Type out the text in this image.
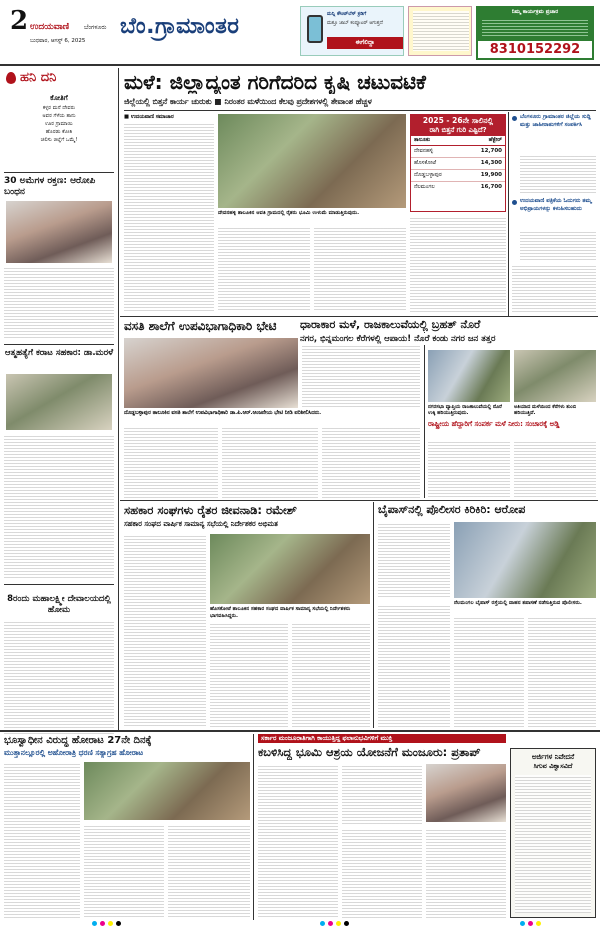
2 ಉದಯವಾಣಿ ಬೆಂಗಳೂರು
ಬುಧವಾರ, ಆಗಸ್ಟ್ 6, 2025
ಬೆಂ.ಗ್ರಾಮಾಂತರ	ಮನ್ನಿ ಕೌಂಟ್‌ಲೆಸ್ ಕ್ರಡಿಗೆ
ಮತ್ತೂ ಜಾಬ್ ಕಂಪ್ಯೂಟರ್ ಆಗುತ್ತದೆ
ಈಗೆಲಿದ್ದಾ
ನಿಮ್ಮ ಕಾರ್ಯಕ್ರಮ ಪ್ರಚಾರ
8310152292
ಹನಿ ದನಿ
ಕೋತಿಗೆ
ಕಳ್ಳರ ಮನೆ ದೇವರು
ಅವರ ಗೆಳೆಯ ತಾನು
ಊರ ಗ್ರಾಮಾಯಿ
ಹೊರಡು ಕೋತಿ
ಚಲಿಸು ಜಿಲ್ಲೆಗೆ ಒಮ್ಮೆ!
30 ಅಮೆಗಳ ರಕ್ತಣ: ಆರೋಪಿ ಬಂಧನ
ಆತ್ಮಹತ್ಯೆಗೆ ಕರಾಟ ಸಹಕಾರ: ಡಾ.ಮರಳೆ
8ರಂದು ಮಹಾಲಕ್ಷ್ಮೀ ದೇವಾಲಯದಲ್ಲಿ ಹೋಮ
ಮಳೆ: ಜಿಲ್ಲಾದ್ಯಂತ ಗರಿಗೆದರಿದ ಕೃಷಿ ಚಟುವಟಿಕೆ
ಜಿಲ್ಲೆಯಲ್ಲಿ ಬಿತ್ತನೆ ಕಾರ್ಯ ಚುರುಕು ■ ನಿರಂತರ ಮಳೆಯಿಂದ ಕೆಲವು ಪ್ರದೇಶಗಳಲ್ಲಿ ತೇವಾಂಶ ಹೆಚ್ಚಳ
■ ಉದಯವಾಣಿ ಸಮಾಚಾರ
ದೇವನಹಳ್ಳಿ ತಾಲೂಕಿನ ಆವತಿ ಗ್ರಾಮದಲ್ಲಿ ರೈತರು ಭೂಮಿ ಉಳುಮೆ ಮಾಡುತ್ತಿರುವುದು.
2025 - 26ನೇ ಸಾಲಿನಲ್ಲಿ
ರಾಗಿ ಬಿತ್ತನೆ ಗುರಿ ಎಷ್ಟಿದೆ?
ತಾಲೂಕು	ಹೆಕ್ಟೇರ್
ದೇವನಹಳ್ಳಿ	12,700
ಹೊಸಕೋಟೆ	14,300
ದೊಡ್ಡಬಳ್ಳಾಪುರ	19,900
ನೆಲಮಂಗಲ	16,700
ಬೆಂಗಳೂರು ಗ್ರಾಮಾಂತರ ಜಿಲ್ಲೆಯ ಸುದ್ದಿ ಮತ್ತು ಜಾಹೀರಾತುಗಳಿಗೆ ಸಂಪರ್ಕಿಸಿ
ಉದಯವಾಣಿ ಪತ್ರಿಕೆಯ ಓದುಗರು ತಮ್ಮ ಅಭಿಪ್ರಾಯಗಳನ್ನು ಕಳುಹಿಸಬಹುದು
ವಸತಿ ಶಾಲೆಗೆ ಉಪವಿಭಾಗಾಧಿಕಾರಿ ಭೇಟಿ
ದೊಡ್ಡಬಳ್ಳಾಪುರ ತಾಲೂಕಿನ ವಸತಿ ಶಾಲೆಗೆ ಉಪವಿಭಾಗಾಧಿಕಾರಿ ಡಾ.ಪಿ.ಆರ್.ಆಂಜನೇಯ ಭೇಟಿ ನೀಡಿ ಪರಿಶೀಲಿಸಿದರು.
ಧಾರಾಕಾರ ಮಳೆ, ರಾಜಕಾಲುವೆಯಲ್ಲಿ ಬ್ರಹತ್ ನೊರೆ
ನಗರ, ಭಿನ್ನಮಂಗಲ ಕೆರೆಗಳಲ್ಲಿ ಆಪಾಯ! ನೊರೆ ಕಂಡು ನಗರ ಜನ ತತ್ತರ
ನಗರಸಭಾ ವ್ಯಾಪ್ತಿಯ ರಾಜಕಾಲುವೆಯಲ್ಲಿ ನೊರೆ ಉಕ್ಕಿ ಹರಿಯುತ್ತಿರುವುದು.
ಅತಿಯಾದ ಮಳೆಯಿಂದ ಕೆರೆಗಳು ತುಂಬಿ ಹರಿಯುತ್ತಿವೆ.
ರಾಷ್ಟ್ರೀಯ ಹೆದ್ದಾರಿಗೆ ಸಂಪರ್ಕ ಮಳೆ ನೀರು: ಸಂಚಾರಕ್ಕೆ ಅಡ್ಡಿ
ಸಹಕಾರ ಸಂಘಗಳು ರೈತರ ಜೀವನಾಡಿ: ರಮೇಶ್
ಸಹಕಾರ ಸಂಘದ ವಾರ್ಷಿಕ ಸಾಮಾನ್ಯ ಸಭೆಯಲ್ಲಿ ನಿರ್ದೇಶಕರ ಅಭಿಮತ
ಹೊಸಕೋಟೆ ತಾಲೂಕಿನ ಸಹಕಾರ ಸಂಘದ ವಾರ್ಷಿಕ ಸಾಮಾನ್ಯ ಸಭೆಯಲ್ಲಿ ನಿರ್ದೇಶಕರು ಭಾಗವಹಿಸಿದ್ದರು.
ಬೈಪಾಸ್‌ನಲ್ಲಿ ಪೊಲೀಸರ ಕಿರಿಕಿರಿ: ಆರೋಪ
ನೆಲಮಂಗಲ ಬೈಪಾಸ್ ರಸ್ತೆಯಲ್ಲಿ ವಾಹನ ತಪಾಸಣೆ ನಡೆಸುತ್ತಿರುವ ಪೊಲೀಸರು.
ಭೂಸ್ವಾಧೀನ ವಿರುದ್ಧ ಹೋರಾಟ 27ನೇ ದಿನಕ್ಕೆ
ಮುತ್ತಾನಲ್ಲೂರಲ್ಲಿ ಅಹೋರಾತ್ರಿ ಧರಣಿ ಸತ್ಯಾಗ್ರಹ ಹೋರಾಟ
ಸರ್ಕಾರ ಮಂಜೂರಾತಿಗಾಗಿ ಕಾಯುತ್ತಿದ್ದ ಫಲಾನುಭವಿಗಳಿಗೆ ಮುಕ್ತಿ
ಕಬಳಿಸಿದ್ದ ಭೂಮಿ ಆಶ್ರಯ ಯೋಜನೆಗೆ ಮಂಜೂರು: ಪ್ರತಾಪ್	ಅರ್ಜಿಗಳ ನಿವೇದನೆ
ಸಿಗುವ ವಿಶ್ವಾಸವಿದೆ
